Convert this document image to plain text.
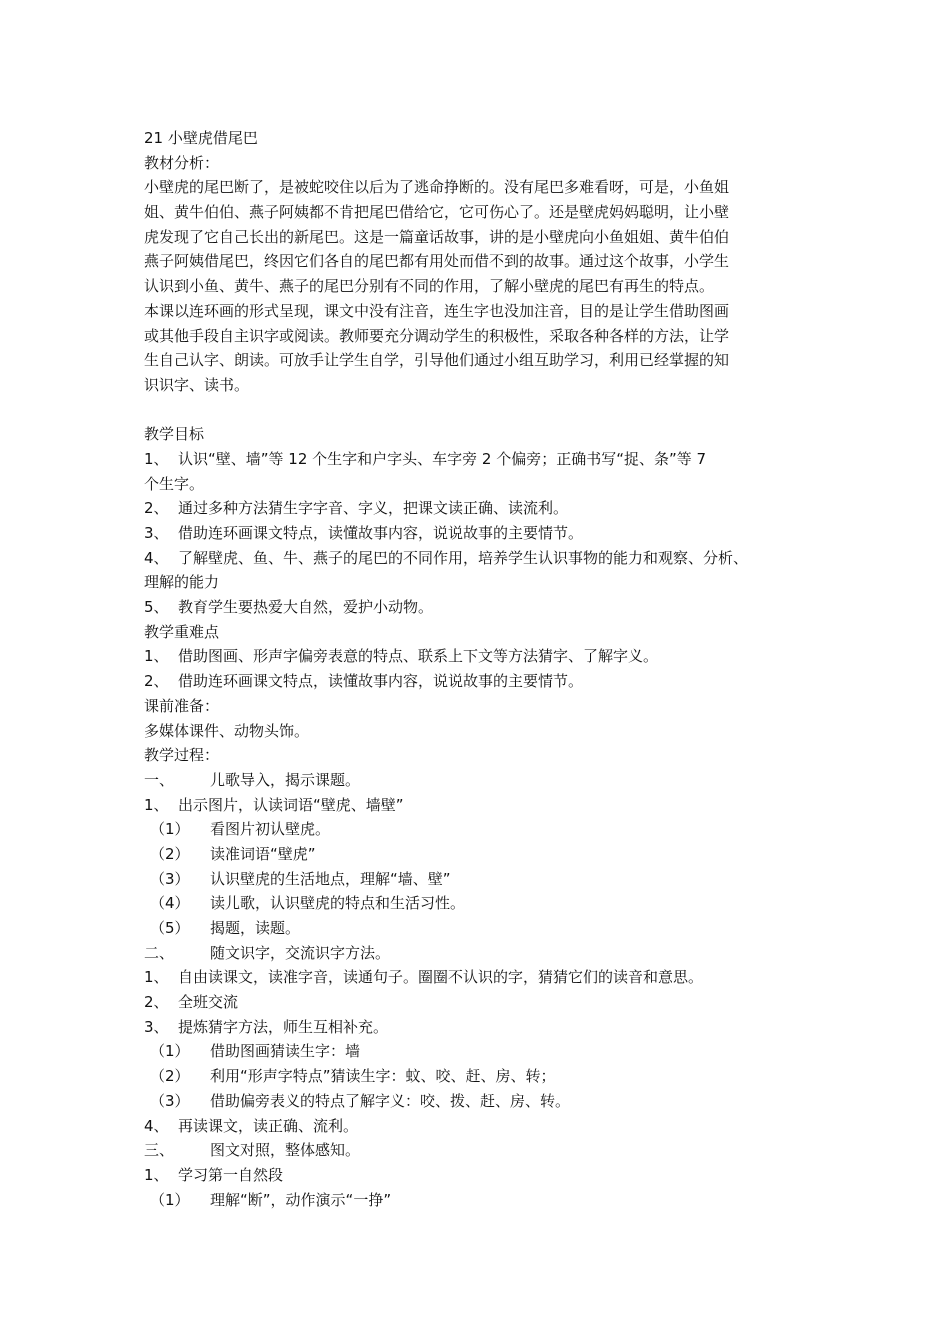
21 小壁虎借尾巴
教材分析：
小壁虎的尾巴断了，是被蛇咬住以后为了逃命挣断的。没有尾巴多难看呀，可是，小鱼姐
姐、黄牛伯伯、燕子阿姨都不肯把尾巴借给它，它可伤心了。还是壁虎妈妈聪明，让小壁
虎发现了它自己长出的新尾巴。这是一篇童话故事，讲的是小壁虎向小鱼姐姐、黄牛伯伯
燕子阿姨借尾巴，终因它们各自的尾巴都有用处而借不到的故事。通过这个故事，小学生
认识到小鱼、黄牛、燕子的尾巴分别有不同的作用，了解小壁虎的尾巴有再生的特点。
本课以连环画的形式呈现，课文中没有注音，连生字也没加注音，目的是让学生借助图画
或其他手段自主识字或阅读。教师要充分调动学生的积极性，采取各种各样的方法，让学
生自己认字、朗读。可放手让学生自学，引导他们通过小组互助学习，利用已经掌握的知
识识字、读书。
教学目标
1、 认识“壁、墙”等 12 个生字和户字头、车字旁 2 个偏旁；正确书写“捉、条”等 7
个生字。
2、 通过多种方法猜生字字音、字义，把课文读正确、读流利。
3、 借助连环画课文特点，读懂故事内容，说说故事的主要情节。
4、 了解壁虎、鱼、牛、燕子的尾巴的不同作用，培养学生认识事物的能力和观察、分析、
理解的能力
5、 教育学生要热爱大自然，爱护小动物。
教学重难点
1、 借助图画、形声字偏旁表意的特点、联系上下文等方法猜字、了解字义。
2、 借助连环画课文特点，读懂故事内容，说说故事的主要情节。
课前准备：
多媒体课件、动物头饰。
教学过程：
一、 儿歌导入，揭示课题。
1、 出示图片，认读词语“壁虎、墙壁”
（1） 看图片初认壁虎。
（2） 读准词语“壁虎”
（3） 认识壁虎的生活地点，理解“墙、壁”
（4） 读儿歌，认识壁虎的特点和生活习性。
（5） 揭题，读题。
二、 随文识字，交流识字方法。
1、 自由读课文，读准字音，读通句子。圈圈不认识的字，猜猜它们的读音和意思。
2、 全班交流
3、 提炼猜字方法，师生互相补充。
（1） 借助图画猜读生字：墙
（2） 利用“形声字特点”猜读生字：蚊、咬、赶、房、转；
（3） 借助偏旁表义的特点了解字义：咬、拨、赶、房、转。
4、 再读课文，读正确、流利。
三、 图文对照，整体感知。
1、 学习第一自然段
（1） 理解“断”，动作演示“一挣”
